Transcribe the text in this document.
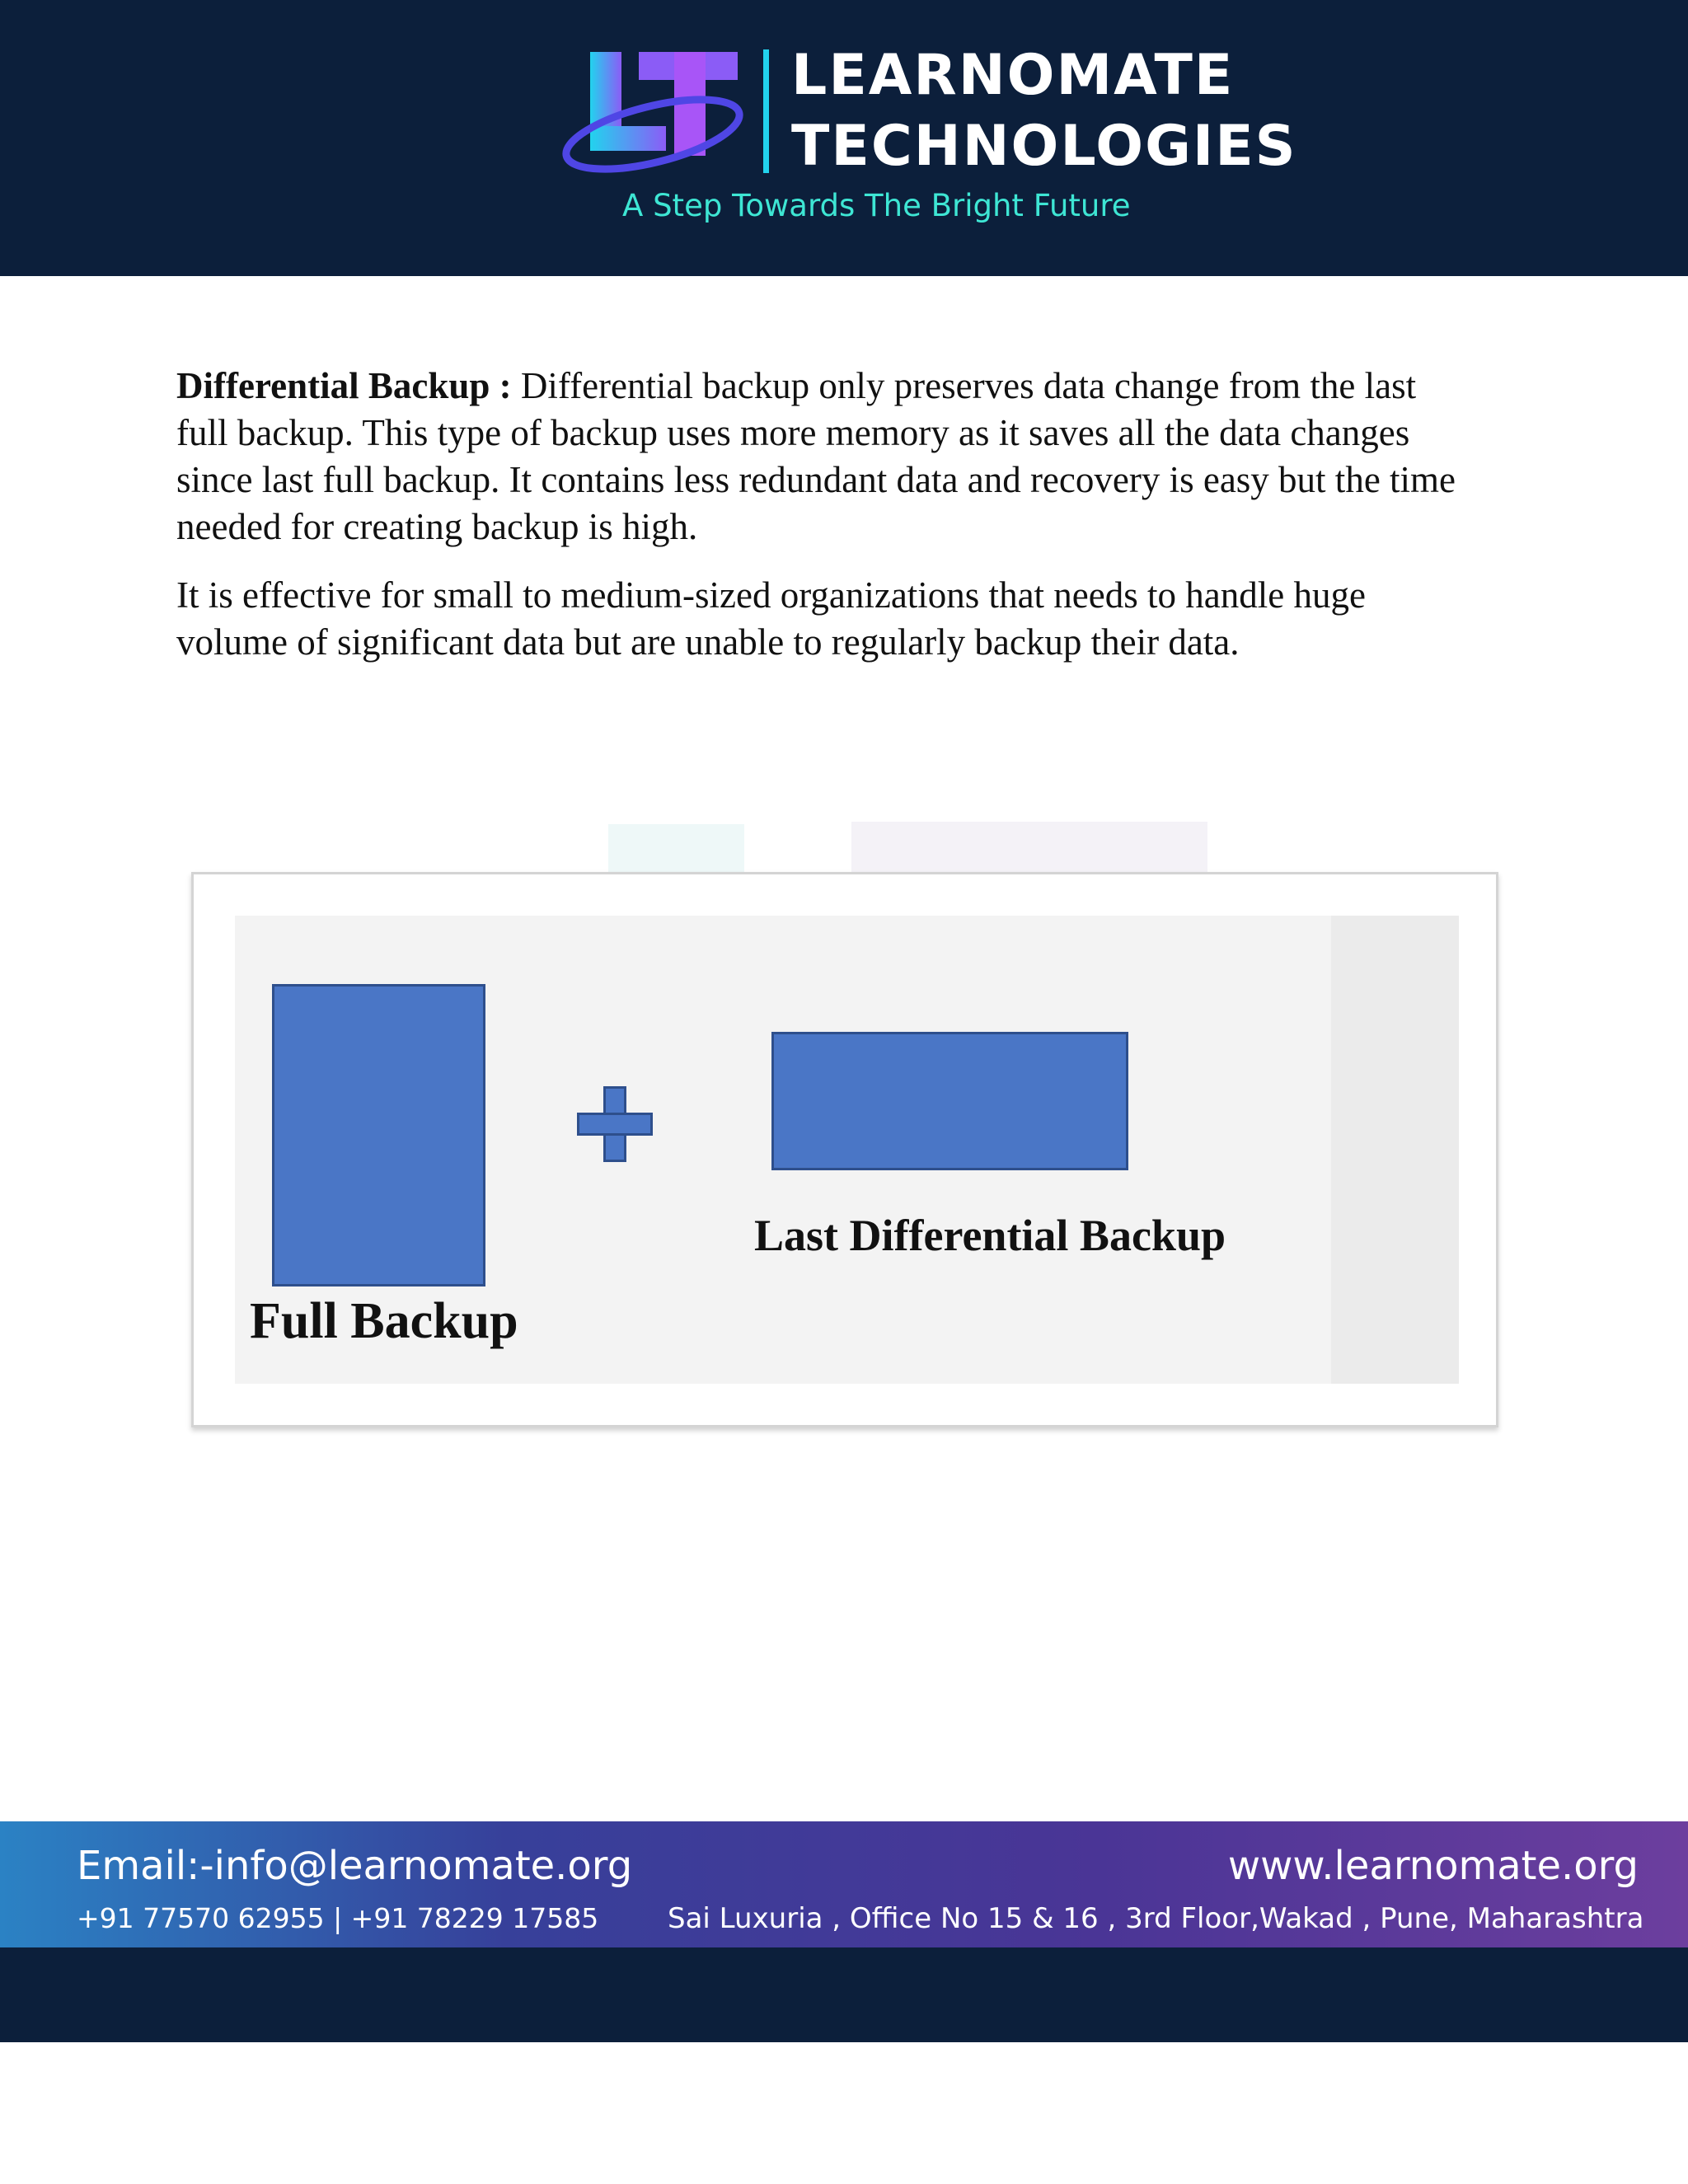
LEARNOMATE
TECHNOLOGIES
A Step Towards The Bright Future

Differential Backup : Differential backup only preserves data change from the last full backup. This type of backup uses more memory as it saves all the data changes since last full backup. It contains less redundant data and recovery is easy but the time needed for creating backup is high.

It is effective for small to medium-sized organizations that needs to handle huge volume of significant data but are unable to regularly backup their data.

Full Backup
Last Differential Backup
Email:-info@learnomate.org	www.learnomate.org
+91 77570 62955 | +91 78229 17585 Sai Luxuria , Office No 15 & 16 , 3rd Floor,Wakad , Pune, Maharashtra
